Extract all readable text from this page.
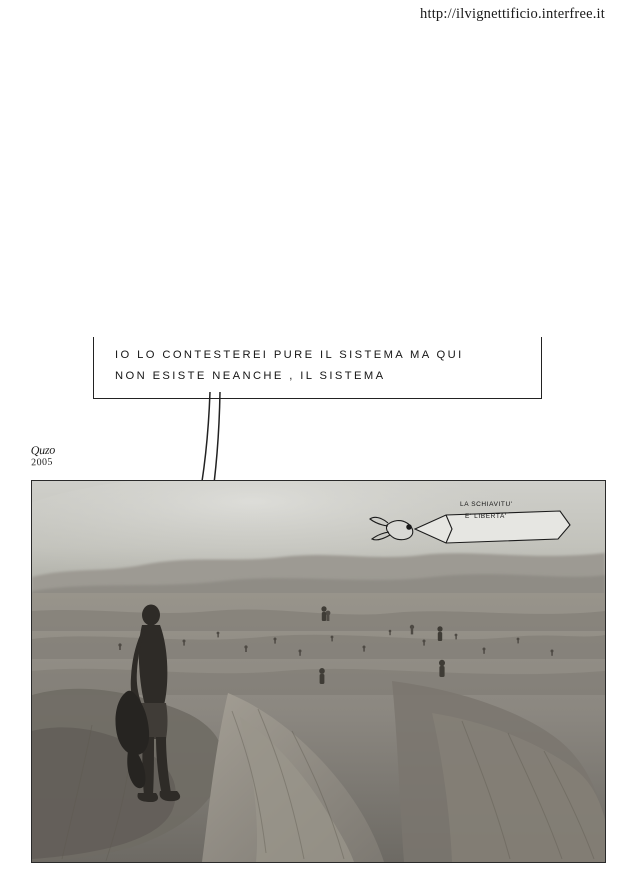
http://ilvignettificio.interfree.it
IO LO CONTESTEREI PURE IL SISTEMA MA QUI
NON ESISTE NEANCHE , IL SISTEMA
Quzo
2005
LA SCHIAVITU'
E' LIBERTA'
